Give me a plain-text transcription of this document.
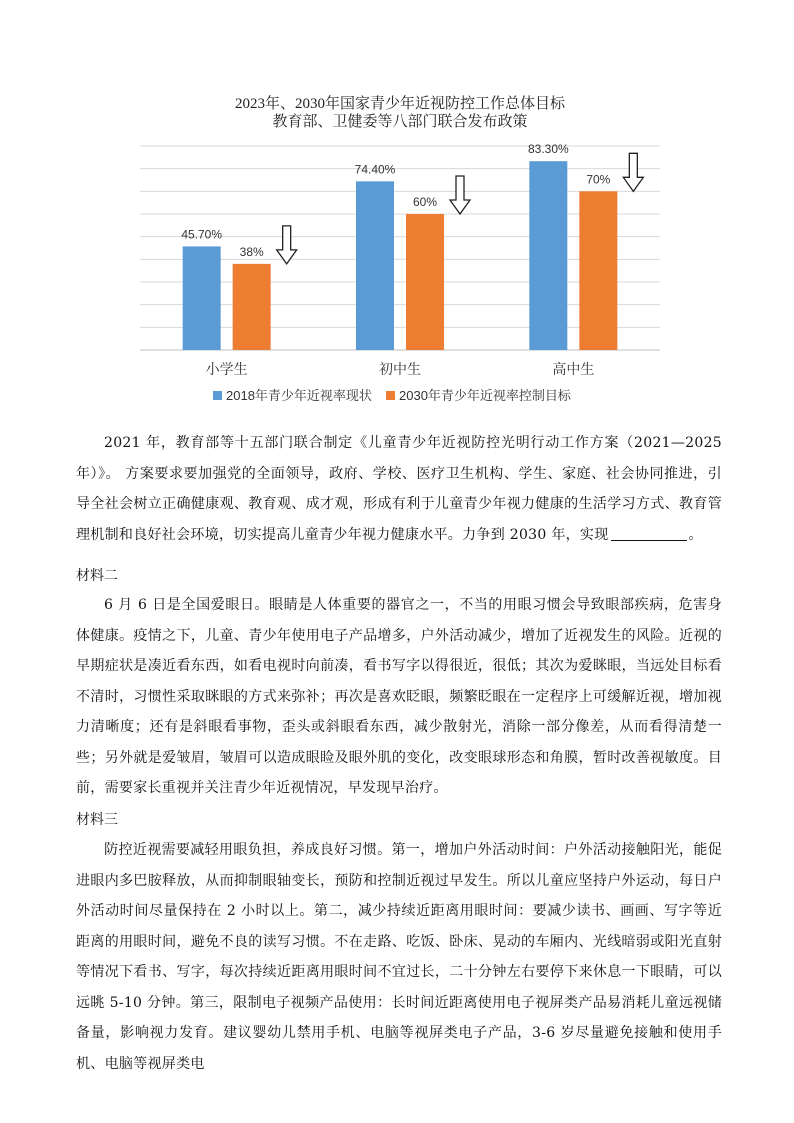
2023年、2030年国家青少年近视防控工作总体目标
教育部、卫健委等八部门联合发布政策
45.70%
38%
小学生
74.40%
60%
初中生
83.30%
70%
高中生
2018年青少年近视率现状 2030年青少年近视率控制目标
2021 年，教育部等十五部门联合制定《儿童青少年近视防控光明行动工作方案（2021—2025 年）》。 方案要求要加强党的全面领导，政府、学校、医疗卫生机构、学生、家庭、社会协同推进，引导全社会树立正确健康观、教育观、成才观，形成有利于儿童青少年视力健康的生活学习方式、教育管理机制和良好社会环境，切实提高儿童青少年视力健康水平。力争到 2030 年，实现	。
材料二
6 月 6 日是全国爱眼日。眼睛是人体重要的器官之一，不当的用眼习惯会导致眼部疾病，危害身体健康。疫情之下，儿童、青少年使用电子产品增多，户外活动减少，增加了近视发生的风险。近视的早期症状是凑近看东西，如看电视时向前凑，看书写字以得很近，很低；其次为爱眯眼，当远处目标看不清时，习惯性采取眯眼的方式来弥补；再次是喜欢眨眼，频繁眨眼在一定程序上可缓解近视，增加视力清晰度；还有是斜眼看事物，歪头或斜眼看东西，减少散射光，消除一部分像差，从而看得清楚一些；另外就是爱皱眉，皱眉可以造成眼睑及眼外肌的变化，改变眼球形态和角膜，暂时改善视敏度。目前，需要家长重视并关注青少年近视情况，早发现早治疗。
材料三
防控近视需要减轻用眼负担，养成良好习惯。第一，增加户外活动时间：户外活动接触阳光，能促进眼内多巴胺释放，从而抑制眼轴变长，预防和控制近视过早发生。所以儿童应坚持户外运动，每日户外活动时间尽量保持在 2 小时以上。第二，减少持续近距离用眼时间：要减少读书、画画、写字等近距离的用眼时间，避免不良的读写习惯。不在走路、吃饭、卧床、晃动的车厢内、光线暗弱或阳光直射等情况下看书、写字，每次持续近距离用眼时间不宜过长，二十分钟左右要停下来休息一下眼睛，可以远眺 5-10 分钟。第三，限制电子视频产品使用：长时间近距离使用电子视屏类产品易消耗儿童远视储备量，影响视力发育。建议婴幼儿禁用手机、电脑等视屏类电子产品，3-6 岁尽量避免接触和使用手机、电脑等视屏类电
